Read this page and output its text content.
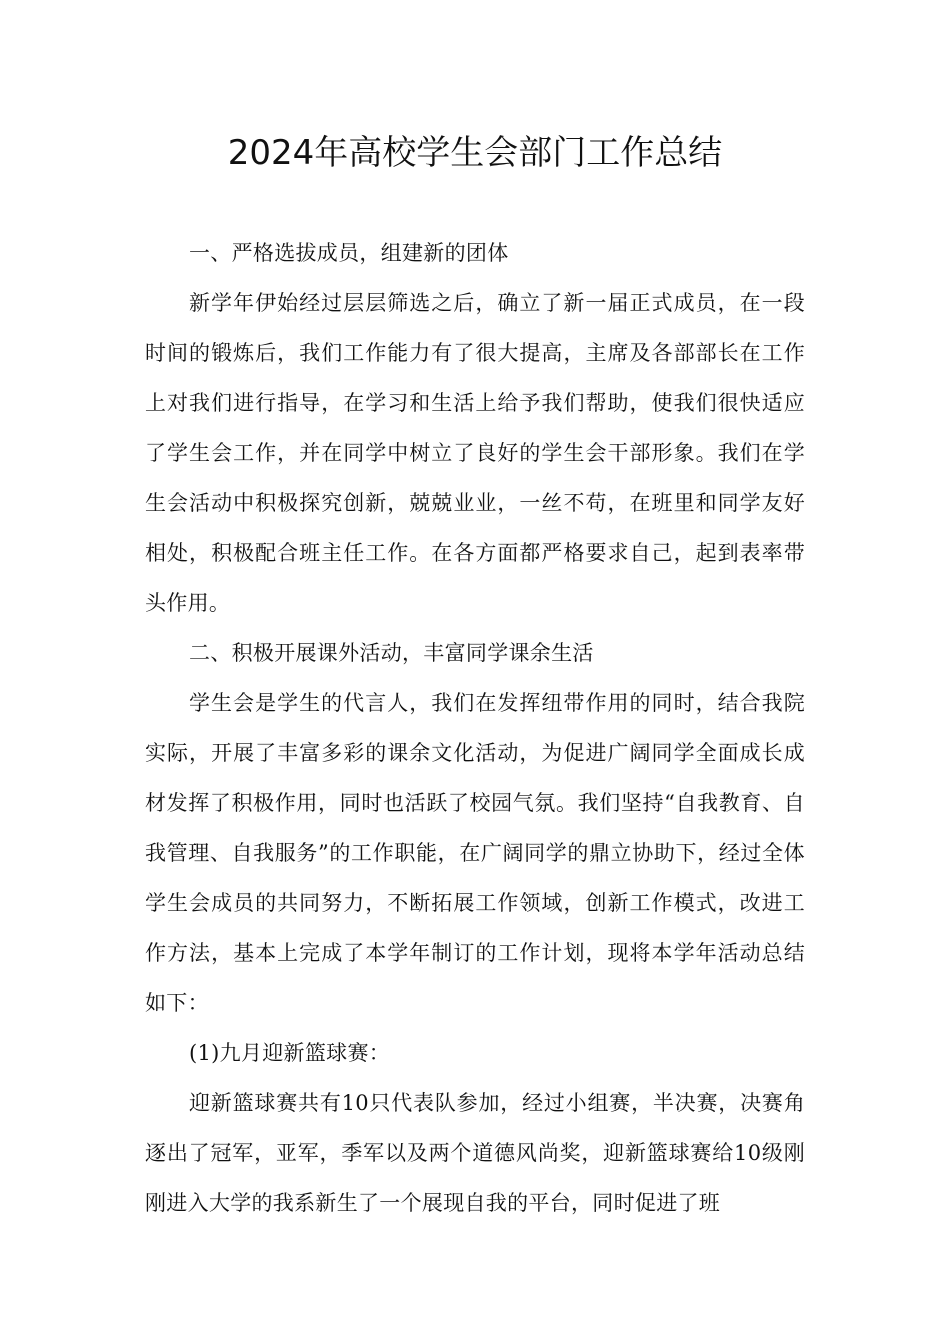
2024年高校学生会部门工作总结

一、严格选拔成员，组建新的团体

新学年伊始经过层层筛选之后，确立了新一届正式成员，在一段时间的锻炼后，我们工作能力有了很大提高，主席及各部部长在工作上对我们进行指导，在学习和生活上给予我们帮助，使我们很快适应了学生会工作，并在同学中树立了良好的学生会干部形象。我们在学生会活动中积极探究创新，兢兢业业，一丝不苟，在班里和同学友好相处，积极配合班主任工作。在各方面都严格要求自己，起到表率带头作用。

二、积极开展课外活动，丰富同学课余生活

学生会是学生的代言人，我们在发挥纽带作用的同时，结合我院实际，开展了丰富多彩的课余文化活动，为促进广阔同学全面成长成材发挥了积极作用，同时也活跃了校园气氛。我们坚持“自我教育、自我管理、自我服务”的工作职能，在广阔同学的鼎立协助下，经过全体学生会成员的共同努力，不断拓展工作领域，创新工作模式，改进工作方法，基本上完成了本学年制订的工作计划，现将本学年活动总结如下：

(1)九月迎新篮球赛：

迎新篮球赛共有10只代表队参加，经过小组赛，半决赛，决赛角逐出了冠军，亚军，季军以及两个道德风尚奖，迎新篮球赛给10级刚刚进入大学的我系新生了一个展现自我的平台，同时促进了班
